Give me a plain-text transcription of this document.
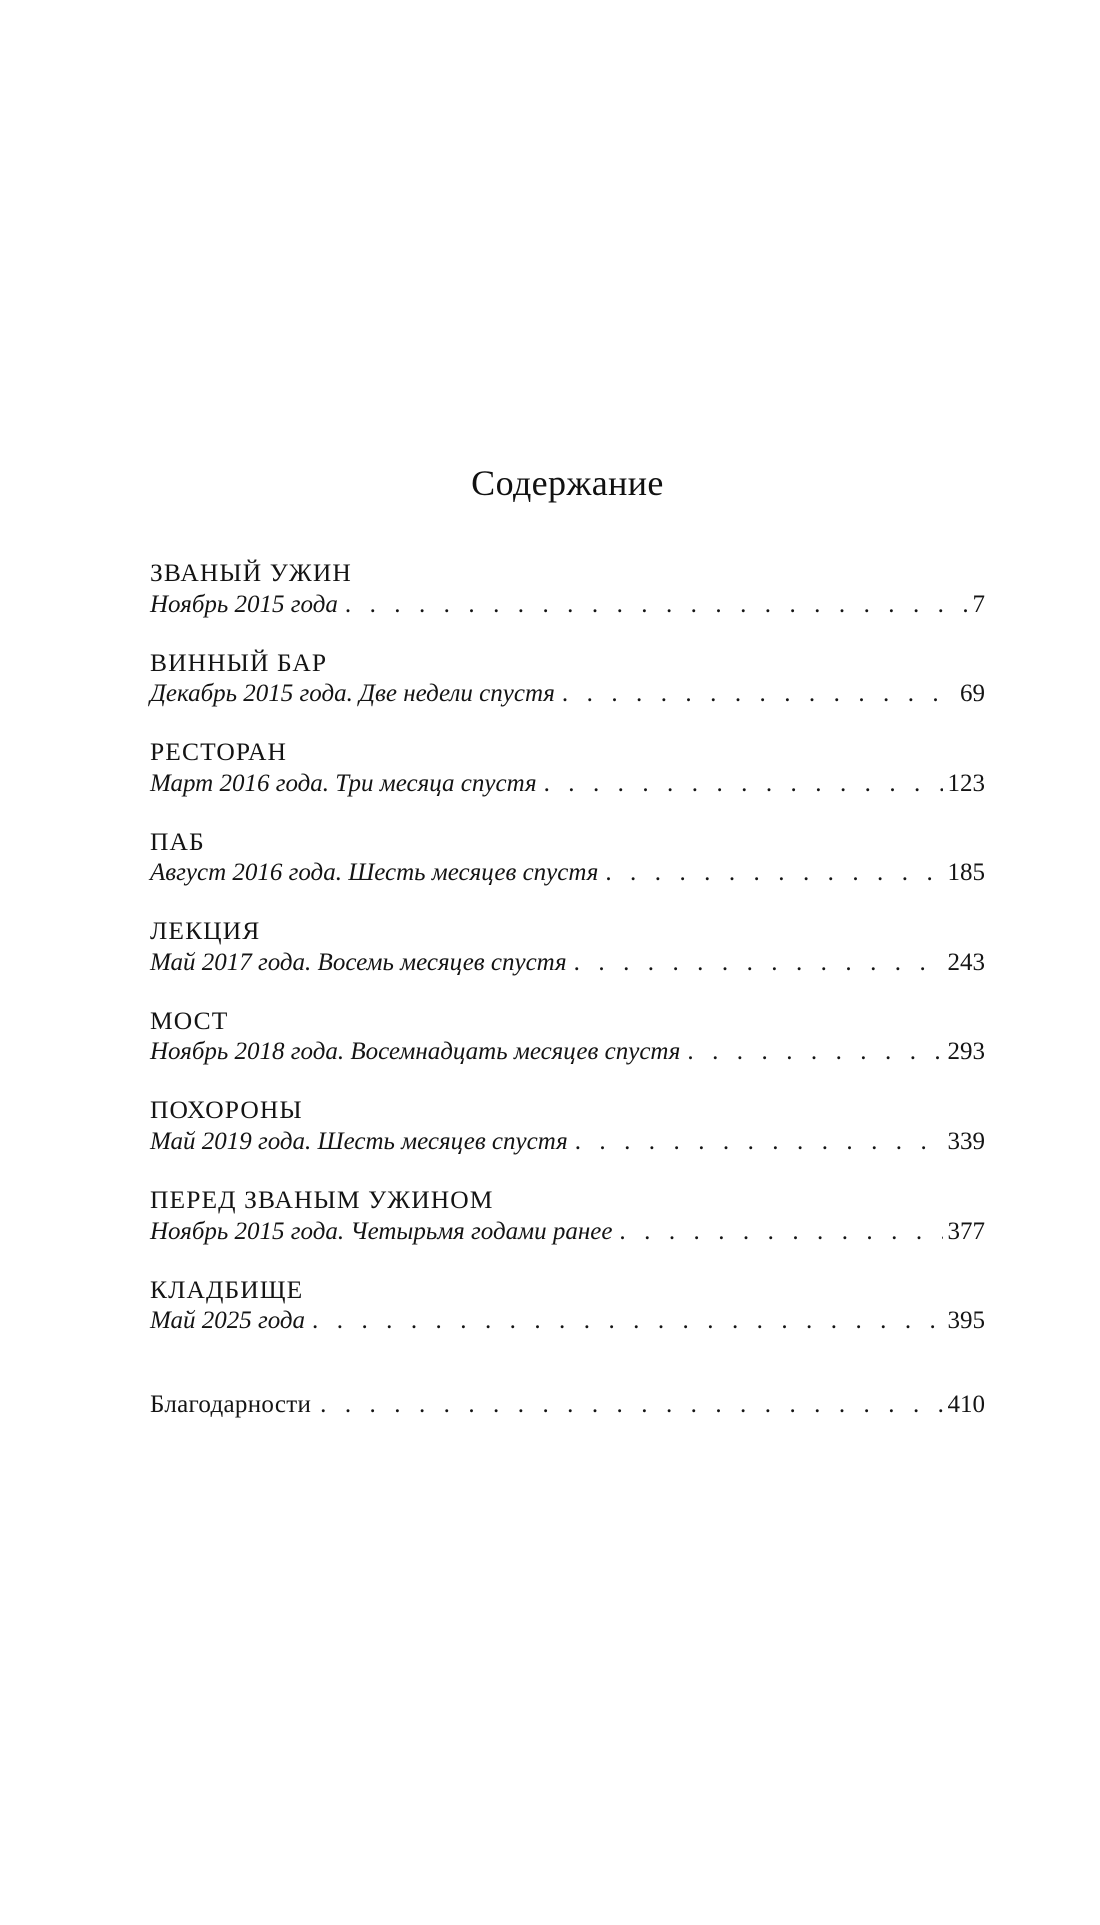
Содержание
ЗВАНЫЙ УЖИН
Ноябрь 2015 года . . .	7
ВИННЫЙ БАР
Декабрь 2015 года. Две недели спустя . . .	69
РЕСТОРАН
Март 2016 года. Три месяца спустя . . .	123
ПАБ
Август 2016 года. Шесть месяцев спустя . . .	185
ЛЕКЦИЯ
Май 2017 года. Восемь месяцев спустя . . .	243
МОСТ
Ноябрь 2018 года. Восемнадцать месяцев спустя . . .	293
ПОХОРОНЫ
Май 2019 года. Шесть месяцев спустя . . .	339
ПЕРЕД ЗВАНЫМ УЖИНОМ
Ноябрь 2015 года. Четырьмя годами ранее . . .	377
КЛАДБИЩЕ
Май 2025 года . . .	395
Благодарности . . .	410
